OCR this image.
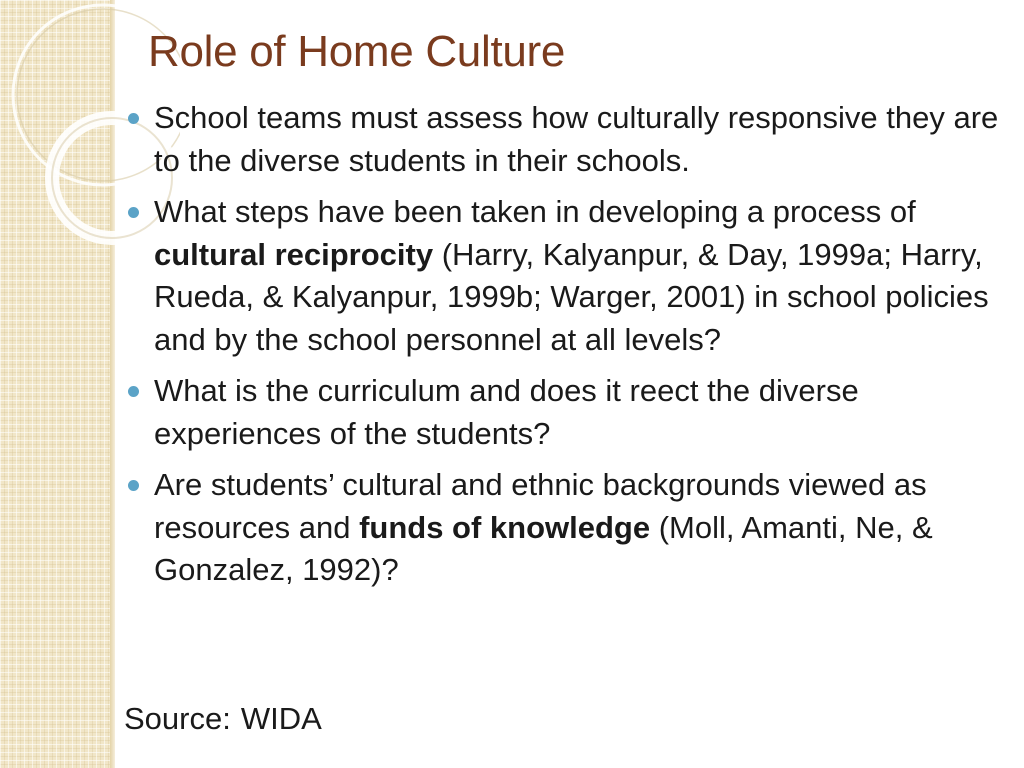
Role of Home Culture
School teams must assess how culturally responsive they are to the diverse students in their schools.
What steps have been taken in developing a process of cultural reciprocity (Harry, Kalyanpur, & Day, 1999a; Harry, Rueda, & Kalyanpur, 1999b; Warger, 2001) in school policies and by the school personnel at all levels?
What is the curriculum and does it reect the diverse experiences of the students?
Are students’ cultural and ethnic backgrounds viewed as resources and funds of knowledge (Moll, Amanti, Ne, & Gonzalez, 1992)?
Source: WIDA
